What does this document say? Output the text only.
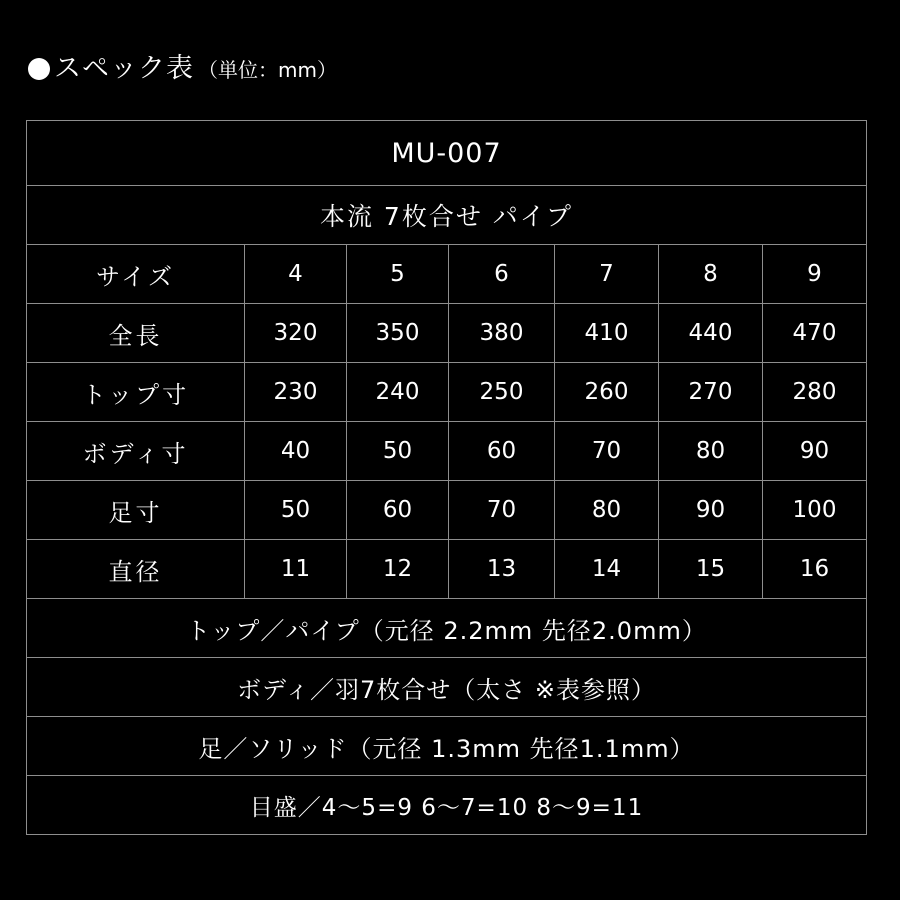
スペック表 （単位：mm）
MU-007						
本流 7枚合せ パイプ						
サイズ	4	5	6	7	8	9
全長	320	350	380	410	440	470
トップ寸	230	240	250	260	270	280
ボディ寸	40	50	60	70	80	90
足寸	50	60	70	80	90	100
直径	11	12	13	14	15	16
トップ／パイプ（元径 2.2mm 先径2.0mm）						
ボディ／羽7枚合せ（太さ ※表参照）						
足／ソリッド（元径 1.3mm 先径1.1mm）						
目盛／4〜5=9 6〜7=10 8〜9=11						
